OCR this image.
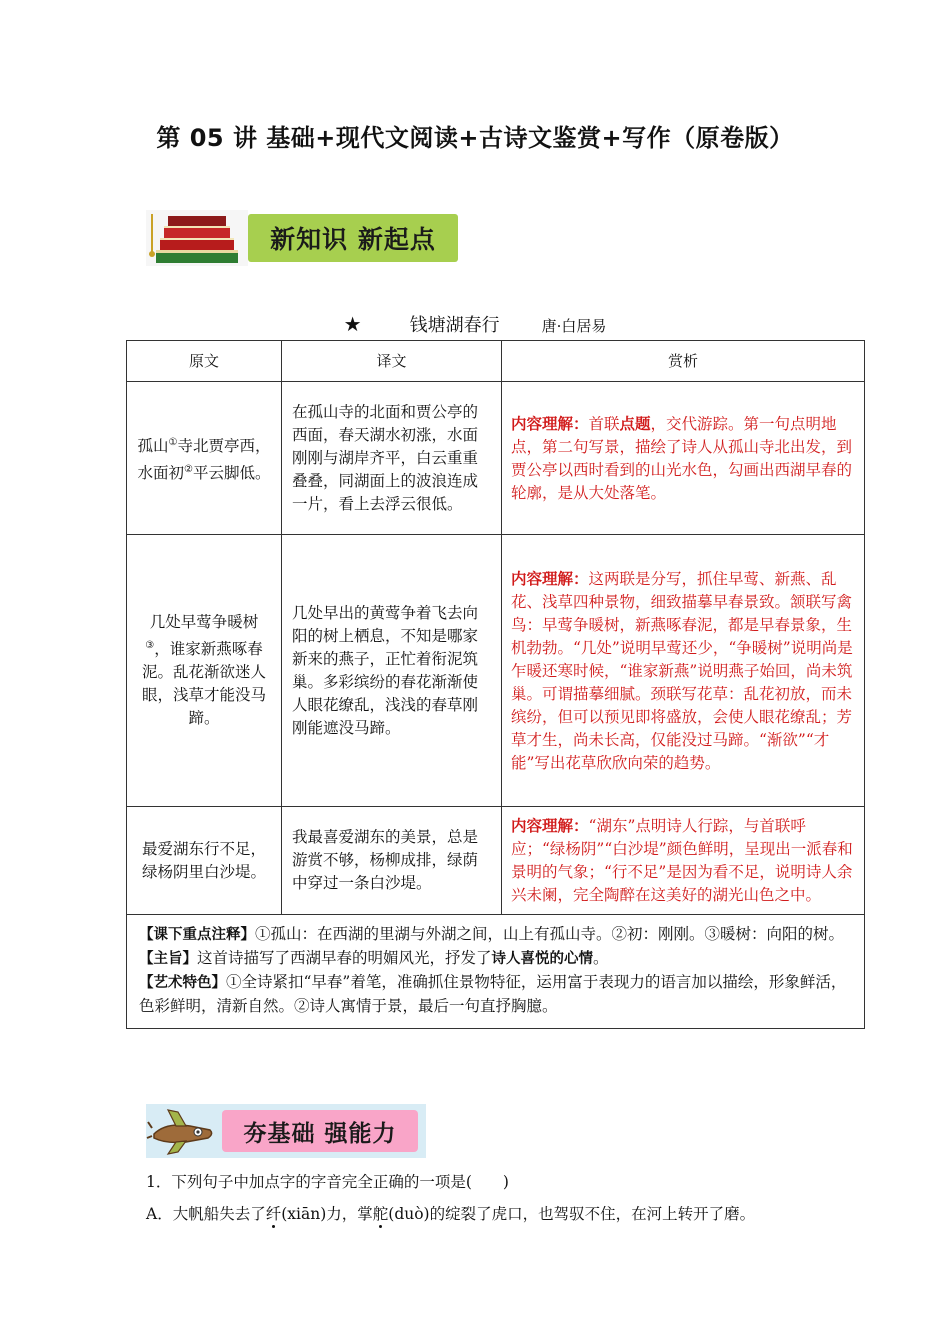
第 05 讲 基础+现代文阅读+古诗文鉴赏+写作（原卷版）
新知识 新起点
★	钱塘湖春行	唐·白居易
原文	译文	赏析
孤山①寺北贾亭西，
水面初②平云脚低。	在孤山寺的北面和贾公亭的西面，春天湖水初涨，水面刚刚与湖岸齐平，白云重重叠叠，同湖面上的波浪连成一片，看上去浮云很低。	内容理解：首联点题，交代游踪。第一句点明地点，第二句写景，描绘了诗人从孤山寺北出发，到贾公亭以西时看到的山光水色，勾画出西湖早春的轮廓，是从大处落笔。
几处早莺争暖树
③，谁家新燕啄春泥。乱花渐欲迷人眼，浅草才能没马蹄。	几处早出的黄莺争着飞去向阳的树上栖息，不知是哪家新来的燕子，正忙着衔泥筑巢。多彩缤纷的春花渐渐使人眼花缭乱，浅浅的春草刚刚能遮没马蹄。	内容理解：这两联是分写，抓住早莺、新燕、乱花、浅草四种景物，细致描摹早春景致。颔联写禽鸟：早莺争暖树，新燕啄春泥，都是早春景象，生机勃勃。“几处”说明早莺还少，“争暖树”说明尚是乍暖还寒时候，“谁家新燕”说明燕子始回，尚未筑巢。可谓描摹细腻。颈联写花草：乱花初放，而未缤纷，但可以预见即将盛放，会使人眼花缭乱；芳草才生，尚未长高，仅能没过马蹄。“渐欲”“才能”写出花草欣欣向荣的趋势。
最爱湖东行不足，绿杨阴里白沙堤。	我最喜爱湖东的美景，总是游赏不够，杨柳成排，绿荫中穿过一条白沙堤。	内容理解：“湖东”点明诗人行踪，与首联呼应；“绿杨阴”“白沙堤”颜色鲜明，呈现出一派春和景明的气象；“行不足”是因为看不足，说明诗人余兴未阑，完全陶醉在这美好的湖光山色之中。
【课下重点注释】①孤山：在西湖的里湖与外湖之间，山上有孤山寺。②初：刚刚。③暖树：向阳的树。
【主旨】这首诗描写了西湖早春的明媚风光，抒发了诗人喜悦的心情。
【艺术特色】①全诗紧扣“早春”着笔，准确抓住景物特征，运用富于表现力的语言加以描绘，形象鲜活，色彩鲜明，清新自然。②诗人寓情于景，最后一句直抒胸臆。		
夯基础 强能力
1．下列句子中加点字的字音完全正确的一项是(　　)
A．大帆船失去了纤(xiān)力，掌舵(duò)的绽裂了虎口，也驾驭不住，在河上转开了磨。
